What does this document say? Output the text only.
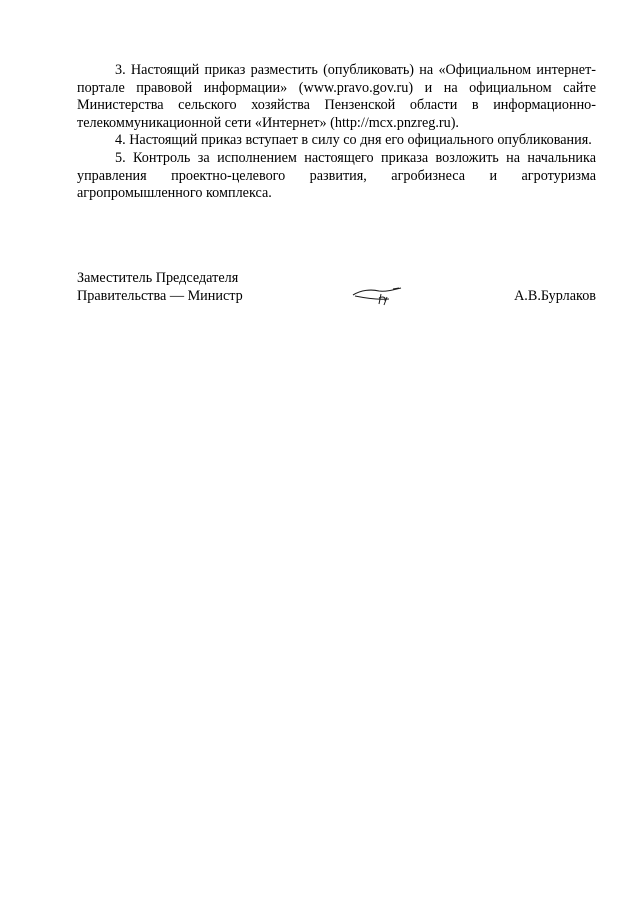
3. Настоящий приказ разместить (опубликовать) на «Официальном интернет-портале правовой информации» (www.pravo.gov.ru) и на официальном сайте Министерства сельского хозяйства Пензенской области в информационно-телекоммуникационной сети «Интернет» (http://mcx.pnzreg.ru).

4. Настоящий приказ вступает в силу со дня его официального опубликования.

5. Контроль за исполнением настоящего приказа возложить на начальника управления проектно-целевого развития, агробизнеса и агротуризма агропромышленного комплекса.

Заместитель Председателя
Правительства — Министр	А.В.Бурлаков
